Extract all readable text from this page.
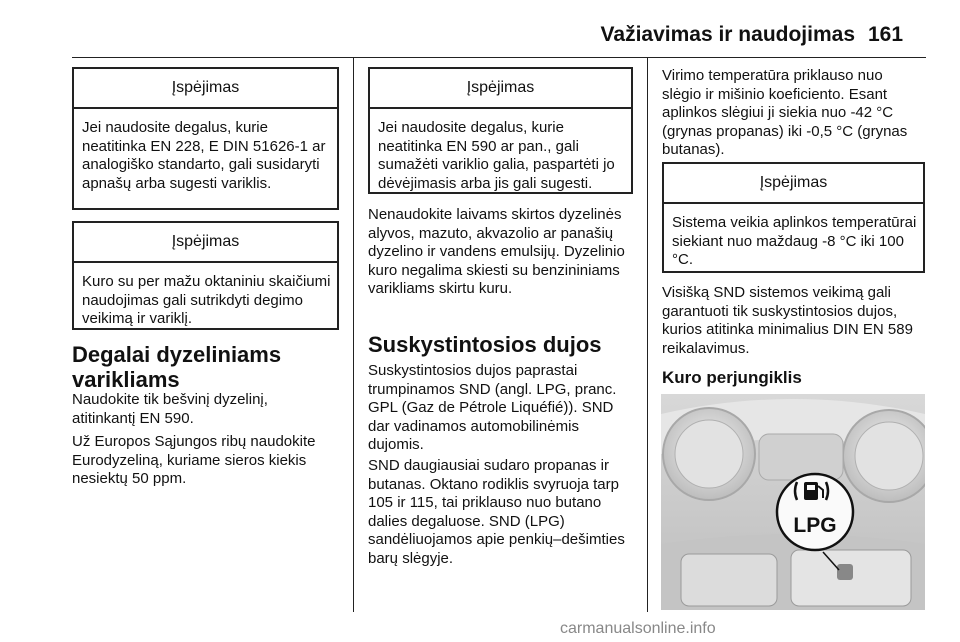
Važiavimas ir naudojimas 161
Įspėjimas
Jei naudosite degalus, kurie neatitinka EN 228, E DIN 51626-1 ar analogiško standarto, gali susidaryti apnašų arba sugesti variklis.
Įspėjimas
Kuro su per mažu oktaniniu skaičiumi naudojimas gali sutrikdyti degimo veikimą ir variklį.
Degalai dyzeliniams varikliams

Naudokite tik bešvinį dyzelinį, atitinkantį EN 590.

Už Europos Sąjungos ribų naudokite Eurodyzeliną, kuriame sieros kiekis nesiektų 50 ppm.

Įspėjimas
Jei naudosite degalus, kurie neatitinka EN 590 ar pan., gali sumažėti variklio galia, paspartėti jo dėvėjimasis arba jis gali sugesti.

Nenaudokite laivams skirtos dyzelinės alyvos, mazuto, akvazolio ar panašių dyzelino ir vandens emulsijų. Dyzelinio kuro negalima skiesti su benzininiams varikliams skirtu kuru.

Suskystintosios dujos

Suskystintosios dujos paprastai trumpinamos SND (angl. LPG, pranc. GPL (Gaz de Pétrole Liquéfié)). SND dar vadinamos automobilinėmis dujomis.

SND daugiausiai sudaro propanas ir butanas. Oktano rodiklis svyruoja tarp 105 ir 115, tai priklauso nuo butano dalies degaluose. SND (LPG) sandėliuojamos apie penkių–dešimties barų slėgyje.

Virimo temperatūra priklauso nuo slėgio ir mišinio koeficiento. Esant aplinkos slėgiui ji siekia nuo -42 °C (grynas propanas) iki -0,5 °C (grynas butanas).

Įspėjimas
Sistema veikia aplinkos temperatūrai siekiant nuo maždaug -8 °C iki 100 °C.

Visišką SND sistemos veikimą gali garantuoti tik suskystintosios dujos, kurios atitinka minimalius DIN EN 589 reikalavimus.

Kuro perjungiklis
LPG
carmanualsonline.info
